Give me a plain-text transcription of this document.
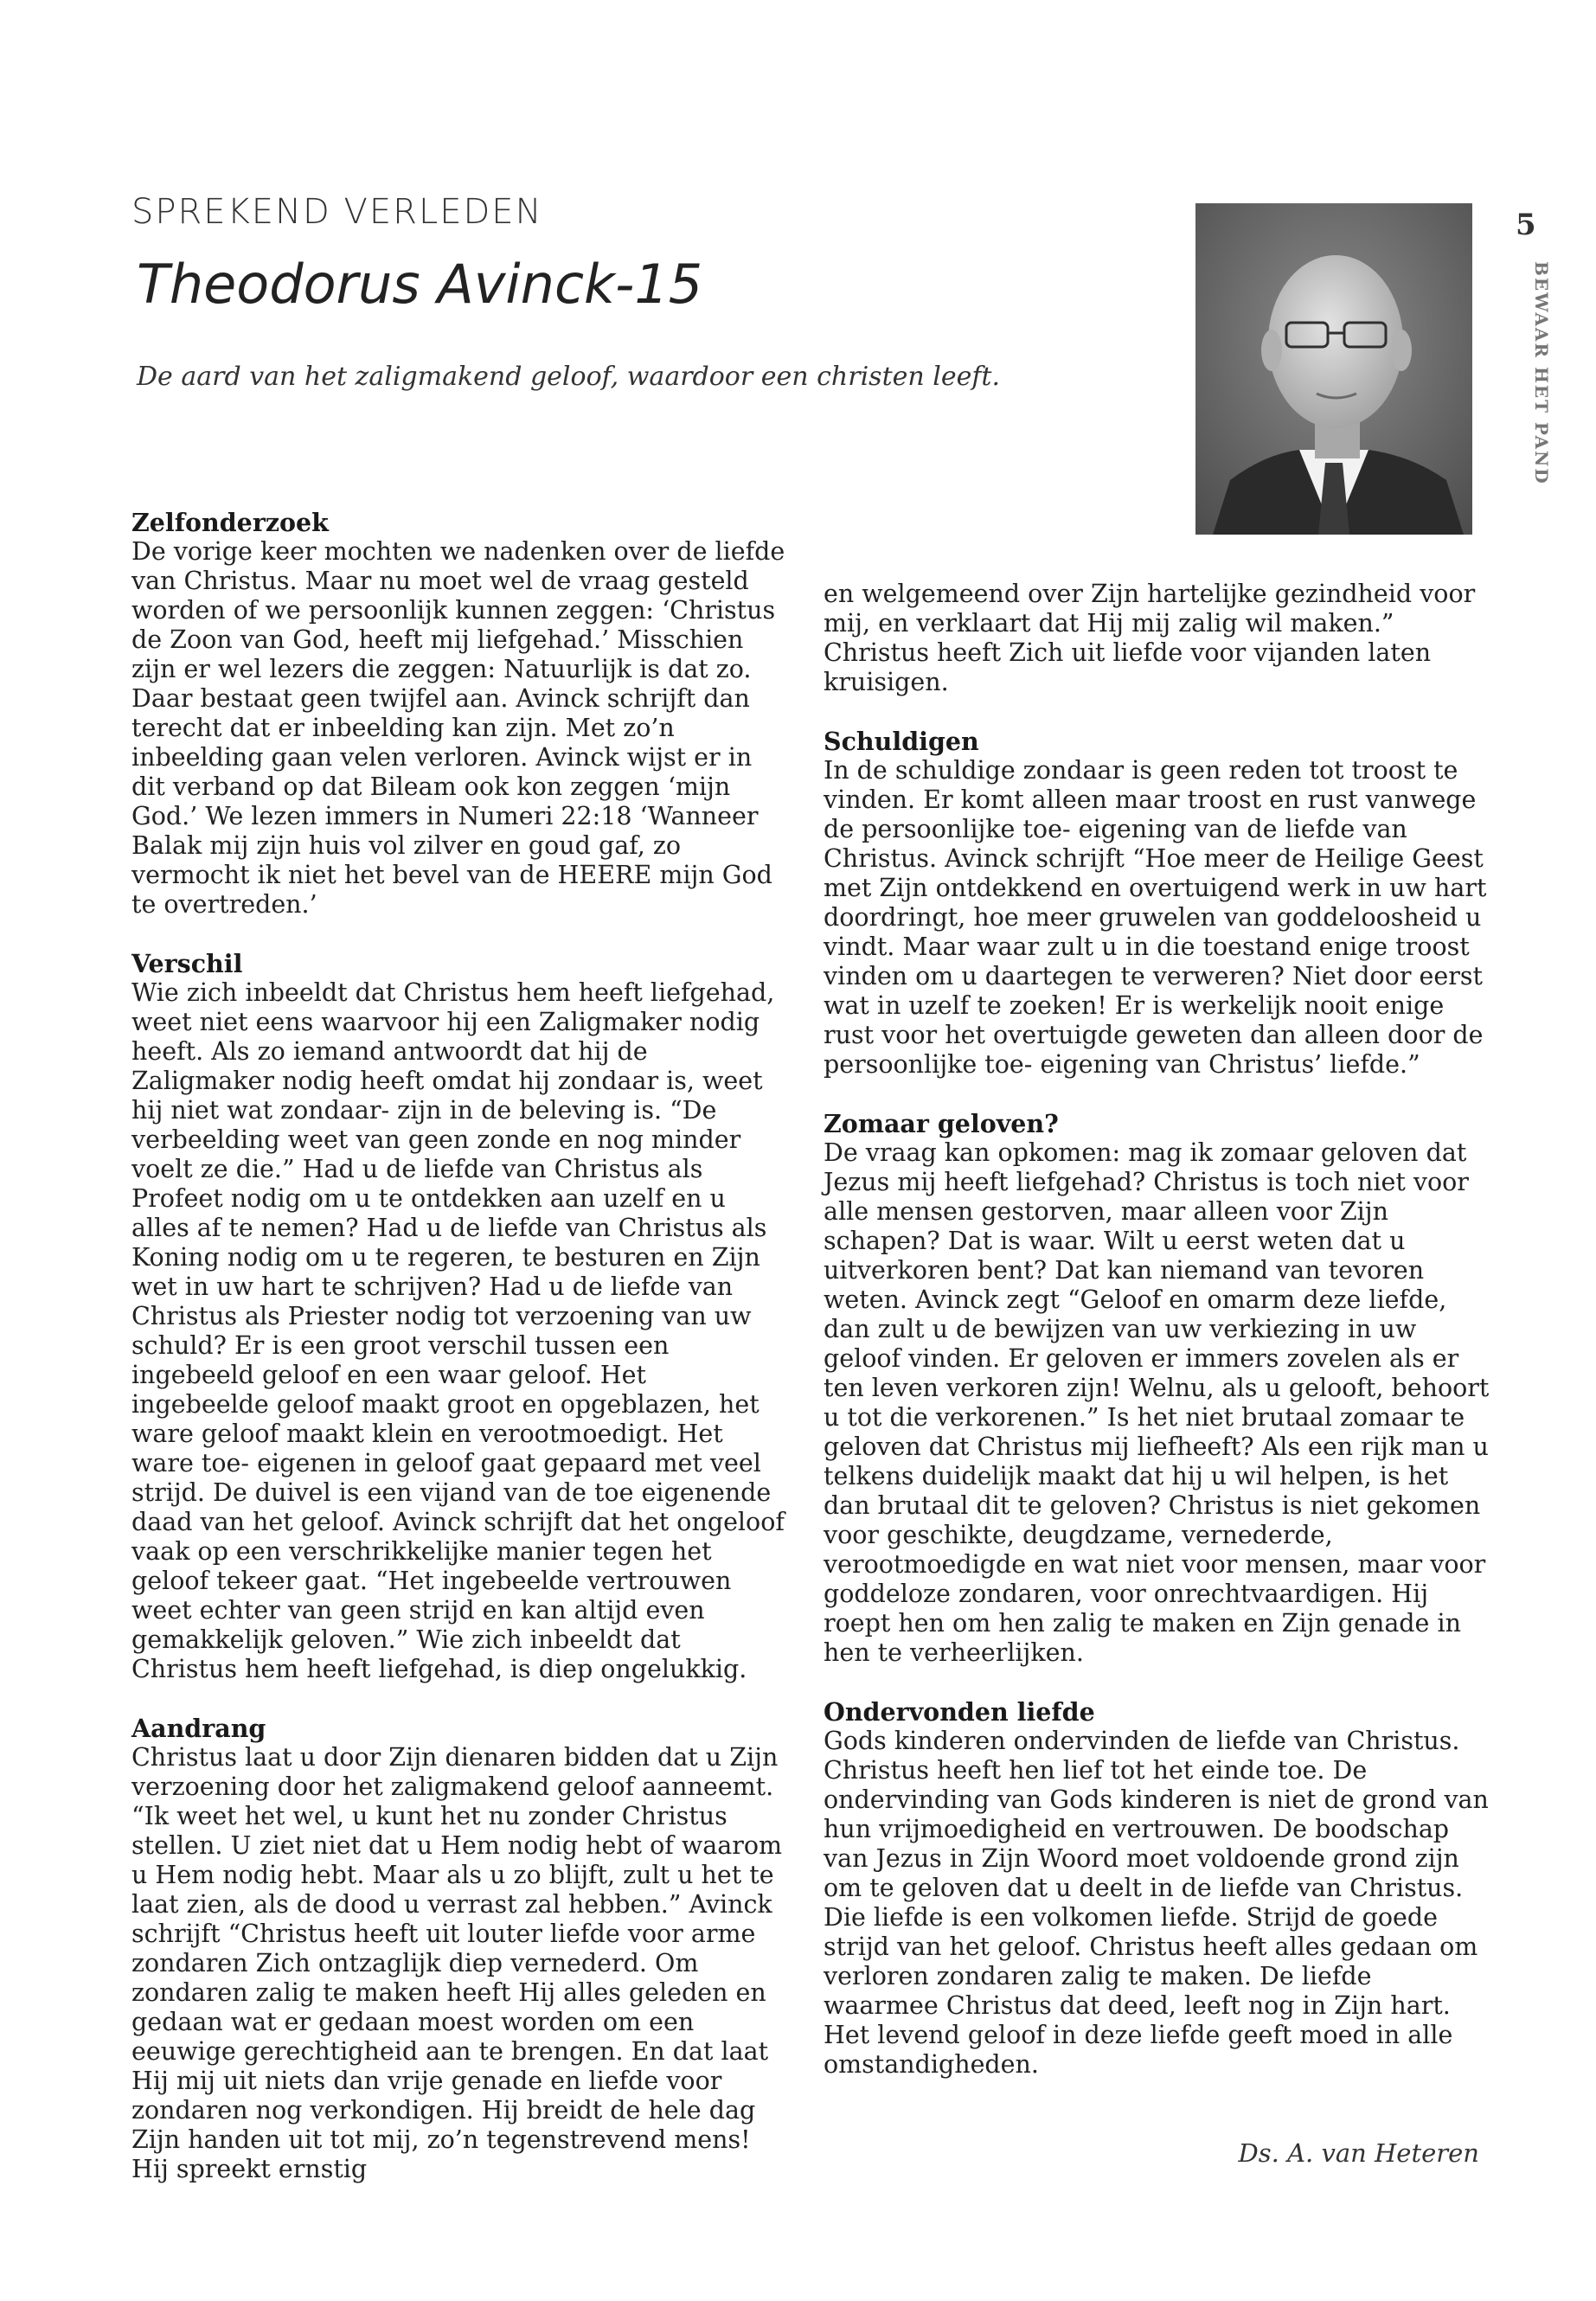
SPREKEND VERLEDEN
Theodorus Avinck-15
De aard van het zaligmakend geloof, waardoor een christen leeft.
5
BEWAAR HET PAND
Zelfonderzoek

De vorige keer mochten we nadenken over de liefde van Christus. Maar nu moet wel de vraag gesteld worden of we persoonlijk kunnen zeggen: ‘Christus de Zoon van God, heeft mij liefgehad.’ Misschien zijn er wel lezers die zeggen: Natuurlijk is dat zo. Daar bestaat geen twijfel aan. Avinck schrijft dan terecht dat er inbeelding kan zijn. Met zo’n inbeelding gaan velen verloren. Avinck wijst er in dit verband op dat Bileam ook kon zeggen ‘mijn God.’ We lezen immers in Numeri 22:18 ‘Wanneer Balak mij zijn huis vol zilver en goud gaf, zo vermocht ik niet het bevel van de HEERE mijn God te overtreden.’

Verschil

Wie zich inbeeldt dat Christus hem heeft liefgehad, weet niet eens waarvoor hij een Zaligmaker nodig heeft. Als zo iemand antwoordt dat hij de Zaligmaker nodig heeft omdat hij zondaar is, weet hij niet wat zondaar- zijn in de beleving is. “De verbeelding weet van geen zonde en nog minder voelt ze die.” Had u de liefde van Christus als Profeet nodig om u te ontdekken aan uzelf en u alles af te nemen? Had u de liefde van Christus als Koning nodig om u te regeren, te besturen en Zijn wet in uw hart te schrijven? Had u de liefde van Christus als Priester nodig tot verzoening van uw schuld? Er is een groot verschil tussen een ingebeeld geloof en een waar geloof. Het ingebeelde geloof maakt groot en opgeblazen, het ware geloof maakt klein en verootmoedigt. Het ware toe- eigenen in geloof gaat gepaard met veel strijd. De duivel is een vijand van de toe eigenende daad van het geloof. Avinck schrijft dat het ongeloof vaak op een verschrikkelijke manier tegen het geloof tekeer gaat. “Het ingebeelde vertrouwen weet echter van geen strijd en kan altijd even gemakkelijk geloven.” Wie zich inbeeldt dat Christus hem heeft liefgehad, is diep ongelukkig.

Aandrang

Christus laat u door Zijn dienaren bidden dat u Zijn verzoening door het zaligmakend geloof aanneemt. “Ik weet het wel, u kunt het nu zonder Christus stellen. U ziet niet dat u Hem nodig hebt of waarom u Hem nodig hebt. Maar als u zo blijft, zult u het te laat zien, als de dood u verrast zal hebben.” Avinck schrijft “Christus heeft uit louter liefde voor arme zondaren Zich ontzaglijk diep vernederd. Om zondaren zalig te maken heeft Hij alles geleden en gedaan wat er gedaan moest worden om een eeuwige gerechtigheid aan te brengen. En dat laat Hij mij uit niets dan vrije genade en liefde voor zondaren nog verkondigen. Hij breidt de hele dag Zijn handen uit tot mij, zo’n tegenstrevend mens! Hij spreekt ernstig

en welgemeend over Zijn hartelijke gezindheid voor mij, en verklaart dat Hij mij zalig wil maken.” Christus heeft Zich uit liefde voor vijanden laten kruisigen.

Schuldigen

In de schuldige zondaar is geen reden tot troost te vinden. Er komt alleen maar troost en rust vanwege de persoonlijke toe- eigening van de liefde van Christus. Avinck schrijft “Hoe meer de Heilige Geest met Zijn ontdekkend en overtuigend werk in uw hart doordringt, hoe meer gruwelen van goddeloosheid u vindt. Maar waar zult u in die toestand enige troost vinden om u daartegen te verweren? Niet door eerst wat in uzelf te zoeken! Er is werkelijk nooit enige rust voor het overtuigde geweten dan alleen door de persoonlijke toe- eigening van Christus’ liefde.”

Zomaar geloven?

De vraag kan opkomen: mag ik zomaar geloven dat Jezus mij heeft liefgehad? Christus is toch niet voor alle mensen gestorven, maar alleen voor Zijn schapen? Dat is waar. Wilt u eerst weten dat u uitverkoren bent? Dat kan niemand van tevoren weten. Avinck zegt “Geloof en omarm deze liefde, dan zult u de bewijzen van uw verkiezing in uw geloof vinden. Er geloven er immers zovelen als er ten leven verkoren zijn! Welnu, als u gelooft, behoort u tot die verkorenen.” Is het niet brutaal zomaar te geloven dat Christus mij liefheeft? Als een rijk man u telkens duidelijk maakt dat hij u wil helpen, is het dan brutaal dit te geloven? Christus is niet gekomen voor geschikte, deugdzame, vernederde, verootmoedigde en wat niet voor mensen, maar voor goddeloze zondaren, voor onrechtvaardigen. Hij roept hen om hen zalig te maken en Zijn genade in hen te verheerlijken.

Ondervonden liefde

Gods kinderen ondervinden de liefde van Christus. Christus heeft hen lief tot het einde toe. De ondervinding van Gods kinderen is niet de grond van hun vrijmoedigheid en vertrouwen. De boodschap van Jezus in Zijn Woord moet voldoende grond zijn om te geloven dat u deelt in de liefde van Christus. Die liefde is een volkomen liefde. Strijd de goede strijd van het geloof. Christus heeft alles gedaan om verloren zondaren zalig te maken. De liefde waarmee Christus dat deed, leeft nog in Zijn hart. Het levend geloof in deze liefde geeft moed in alle omstandigheden.

Ds. A. van Heteren
